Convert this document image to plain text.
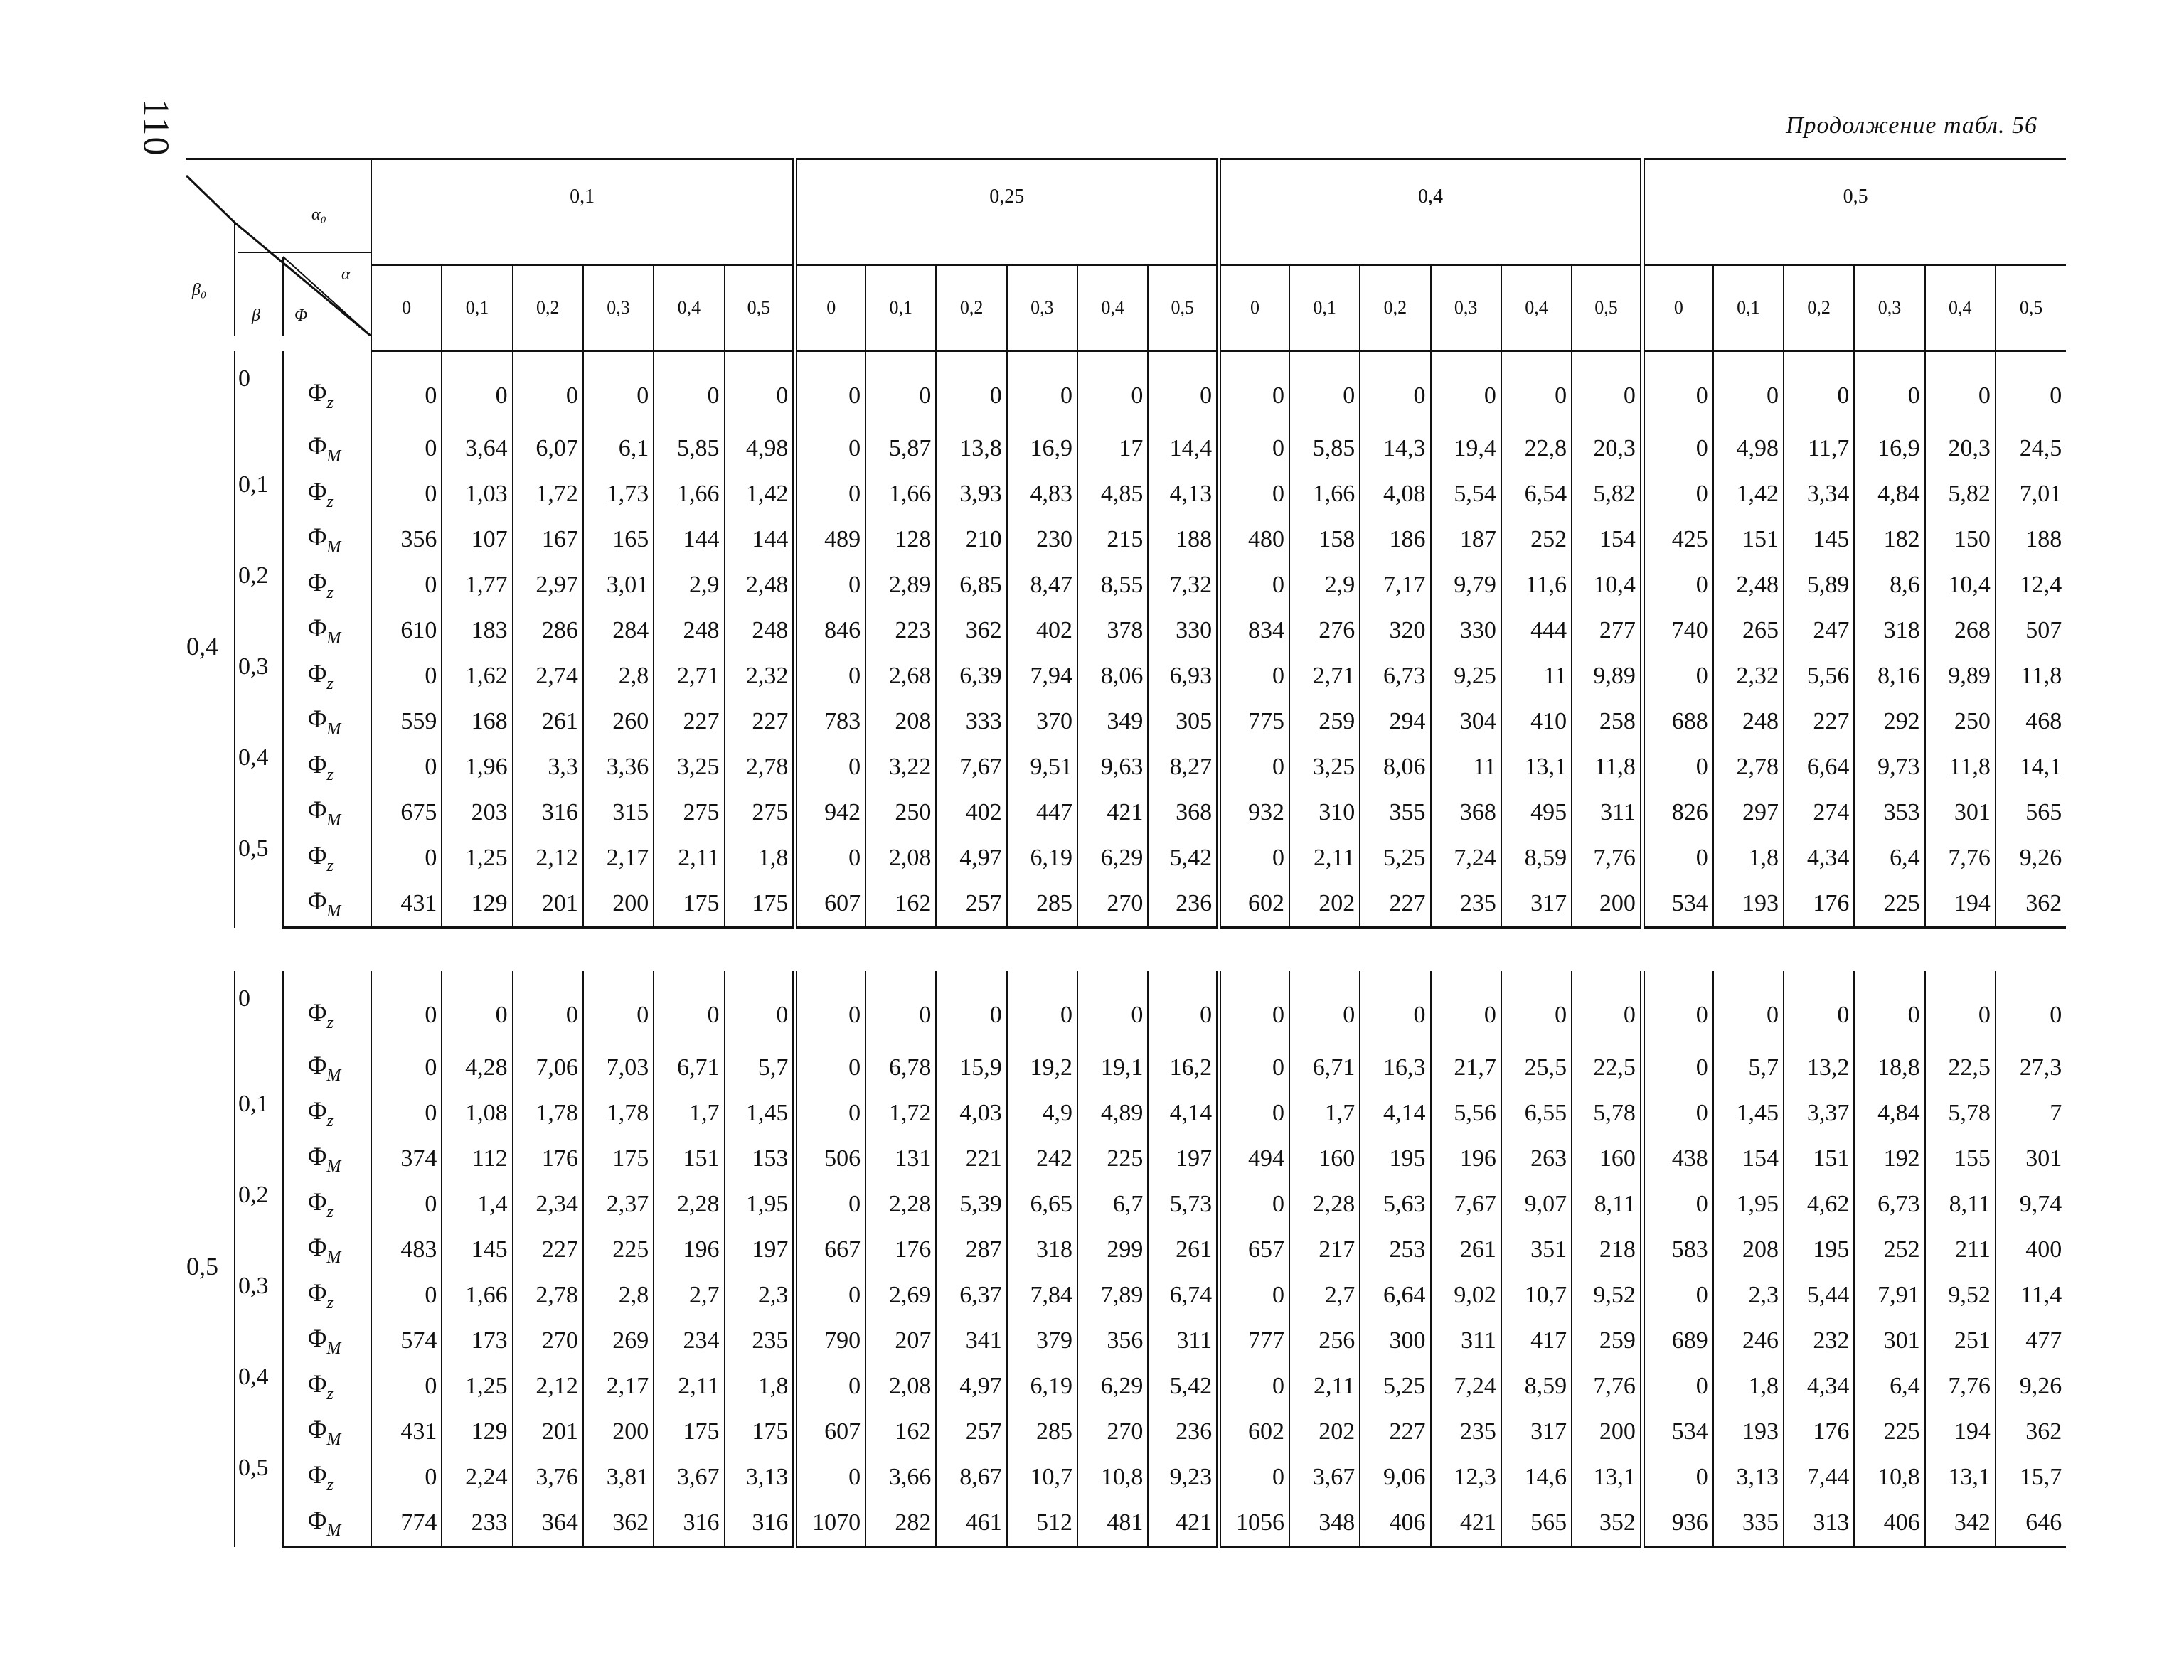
110	Продолжение табл. 56
α₀
α
β₀
β Φ			0,1						0,25						0,4						0,5					
			0	0,1	0,2	0,3	0,4	0,5	0	0,1	0,2	0,3	0,4	0,5	0	0,1	0,2	0,3	0,4	0,5	0	0,1	0,2	0,3	0,4	0,5
0,4	0	$\Phi_z$	0	0	0	0	0	0	0	0	0	0	0	0	0	0	0	0	0	0	0	0	0	0	0	0
		$\Phi_M$	0	3,64	6,07	6,1	5,85	4,98	0	5,87	13,8	16,9	17	14,4	0	5,85	14,3	19,4	22,8	20,3	0	4,98	11,7	16,9	20,3	24,5
	0,1	$\Phi_z$	0	1,03	1,72	1,73	1,66	1,42	0	1,66	3,93	4,83	4,85	4,13	0	1,66	4,08	5,54	6,54	5,82	0	1,42	3,34	4,84	5,82	7,01
		$\Phi_M$	356	107	167	165	144	144	489	128	210	230	215	188	480	158	186	187	252	154	425	151	145	182	150	188
	0,2	$\Phi_z$	0	1,77	2,97	3,01	2,9	2,48	0	2,89	6,85	8,47	8,55	7,32	0	2,9	7,17	9,79	11,6	10,4	0	2,48	5,89	8,6	10,4	12,4
		$\Phi_M$	610	183	286	284	248	248	846	223	362	402	378	330	834	276	320	330	444	277	740	265	247	318	268	507
	0,3	$\Phi_z$	0	1,62	2,74	2,8	2,71	2,32	0	2,68	6,39	7,94	8,06	6,93	0	2,71	6,73	9,25	11	9,89	0	2,32	5,56	8,16	9,89	11,8
		$\Phi_M$	559	168	261	260	227	227	783	208	333	370	349	305	775	259	294	304	410	258	688	248	227	292	250	468
	0,4	$\Phi_z$	0	1,96	3,3	3,36	3,25	2,78	0	3,22	7,67	9,51	9,63	8,27	0	3,25	8,06	11	13,1	11,8	0	2,78	6,64	9,73	11,8	14,1
		$\Phi_M$	675	203	316	315	275	275	942	250	402	447	421	368	932	310	355	368	495	311	826	297	274	353	301	565
	0,5	$\Phi_z$	0	1,25	2,12	2,17	2,11	1,8	0	2,08	4,97	6,19	6,29	5,42	0	2,11	5,25	7,24	8,59	7,76	0	1,8	4,34	6,4	7,76	9,26
		$\Phi_M$	431	129	201	200	175	175	607	162	257	285	270	236	602	202	227	235	317	200	534	193	176	225	194	362

0,5	0	$\Phi_z$	0	0	0	0	0	0	0	0	0	0	0	0	0	0	0	0	0	0	0	0	0	0	0	0
		$\Phi_M$	0	4,28	7,06	7,03	6,71	5,7	0	6,78	15,9	19,2	19,1	16,2	0	6,71	16,3	21,7	25,5	22,5	0	5,7	13,2	18,8	22,5	27,3
	0,1	$\Phi_z$	0	1,08	1,78	1,78	1,7	1,45	0	1,72	4,03	4,9	4,89	4,14	0	1,7	4,14	5,56	6,55	5,78	0	1,45	3,37	4,84	5,78	7
		$\Phi_M$	374	112	176	175	151	153	506	131	221	242	225	197	494	160	195	196	263	160	438	154	151	192	155	301
	0,2	$\Phi_z$	0	1,4	2,34	2,37	2,28	1,95	0	2,28	5,39	6,65	6,7	5,73	0	2,28	5,63	7,67	9,07	8,11	0	1,95	4,62	6,73	8,11	9,74
		$\Phi_M$	483	145	227	225	196	197	667	176	287	318	299	261	657	217	253	261	351	218	583	208	195	252	211	400
	0,3	$\Phi_z$	0	1,66	2,78	2,8	2,7	2,3	0	2,69	6,37	7,84	7,89	6,74	0	2,7	6,64	9,02	10,7	9,52	0	2,3	5,44	7,91	9,52	11,4
		$\Phi_M$	574	173	270	269	234	235	790	207	341	379	356	311	777	256	300	311	417	259	689	246	232	301	251	477
	0,4	$\Phi_z$	0	1,25	2,12	2,17	2,11	1,8	0	2,08	4,97	6,19	6,29	5,42	0	2,11	5,25	7,24	8,59	7,76	0	1,8	4,34	6,4	7,76	9,26
		$\Phi_M$	431	129	201	200	175	175	607	162	257	285	270	236	602	202	227	235	317	200	534	193	176	225	194	362
	0,5	$\Phi_z$	0	2,24	3,76	3,81	3,67	3,13	0	3,66	8,67	10,7	10,8	9,23	0	3,67	9,06	12,3	14,6	13,1	0	3,13	7,44	10,8	13,1	15,7
		$\Phi_M$	774	233	364	362	316	316	1070	282	461	512	481	421	1056	348	406	421	565	352	936	335	313	406	342	646
